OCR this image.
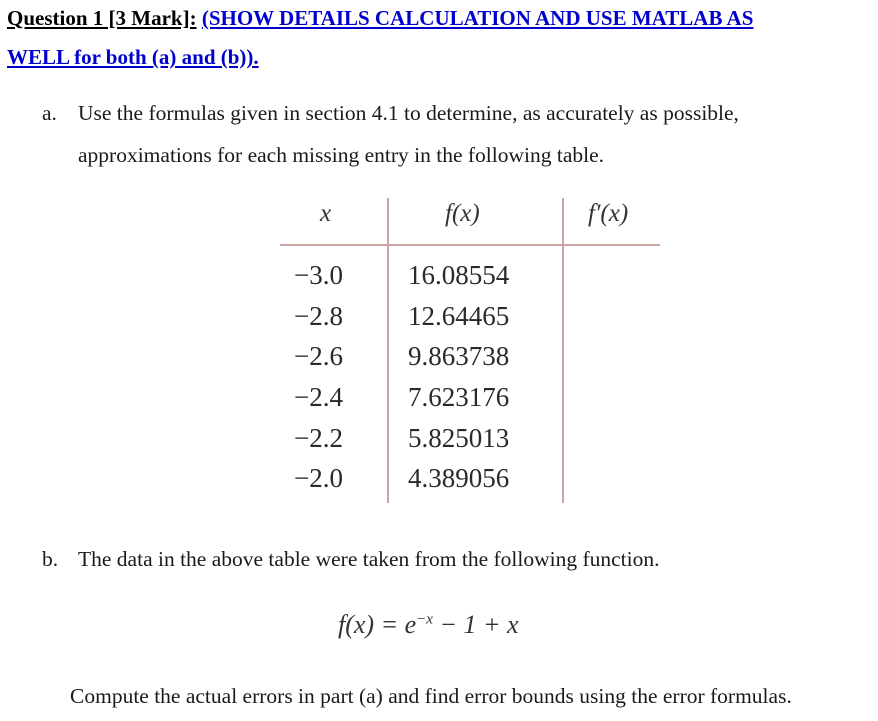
Question 1 [3 Mark]: (SHOW DETAILS CALCULATION AND USE MATLAB AS
WELL for both (a) and (b)).
a. Use the formulas given in section 4.1 to determine, as accurately as possible,
approximations for each missing entry in the following table.
x	f(x)	f′(x)
−3.0 16.08554
−2.8 12.64465
−2.6 9.863738
−2.4 7.623176
−2.2 5.825013
−2.0 4.389056
b. The data in the above table were taken from the following function.
$f(x) = e^{-x} - 1 + x$
Compute the actual errors in part (a) and find error bounds using the error formulas.
